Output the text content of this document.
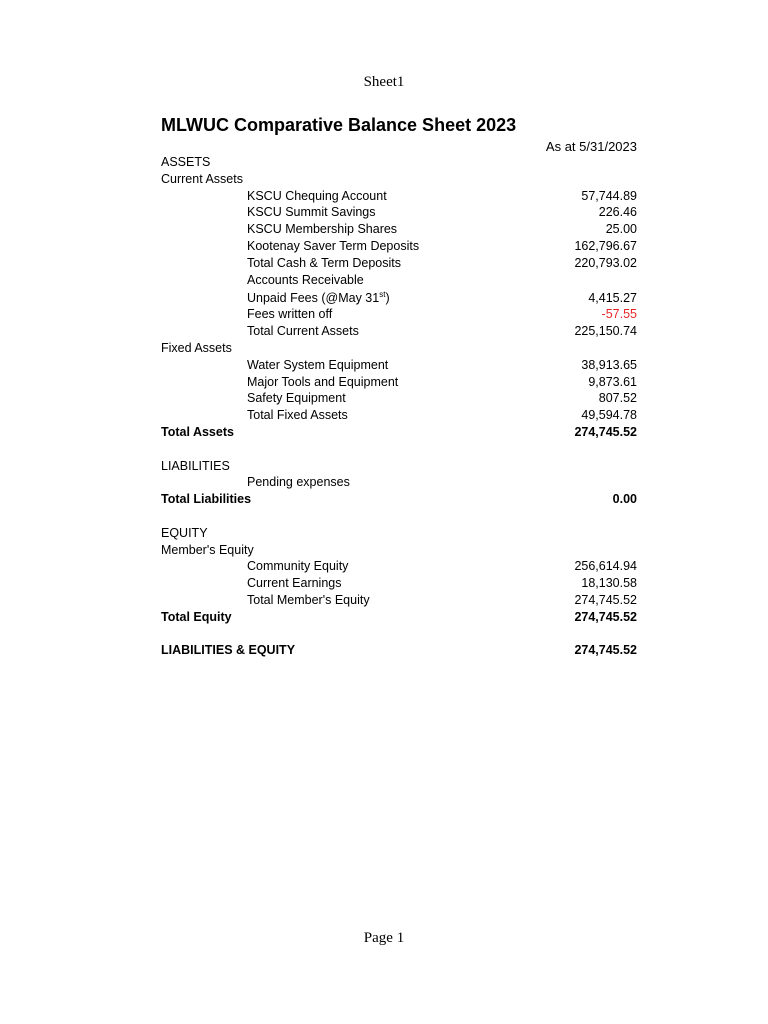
Sheet1
MLWUC Comparative Balance Sheet 2023
As at 5/31/2023
ASSETS
Current Assets
KSCU Chequing Account	57,744.89
KSCU Summit Savings	226.46
KSCU Membership Shares	25.00
Kootenay Saver Term Deposits	162,796.67
Total Cash & Term Deposits	220,793.02
Accounts Receivable
Unpaid Fees (@May 31st)	4,415.27
Fees written off	-57.55
Total Current Assets	225,150.74
Fixed Assets
Water System Equipment	38,913.65
Major Tools and Equipment	9,873.61
Safety Equipment	807.52
Total Fixed Assets	49,594.78
Total Assets	274,745.52
LIABILITIES
Pending expenses
Total Liabilities	0.00
EQUITY
Member's Equity
Community Equity	256,614.94
Current Earnings	18,130.58
Total Member's Equity	274,745.52
Total Equity	274,745.52
LIABILITIES & EQUITY	274,745.52
Page 1
